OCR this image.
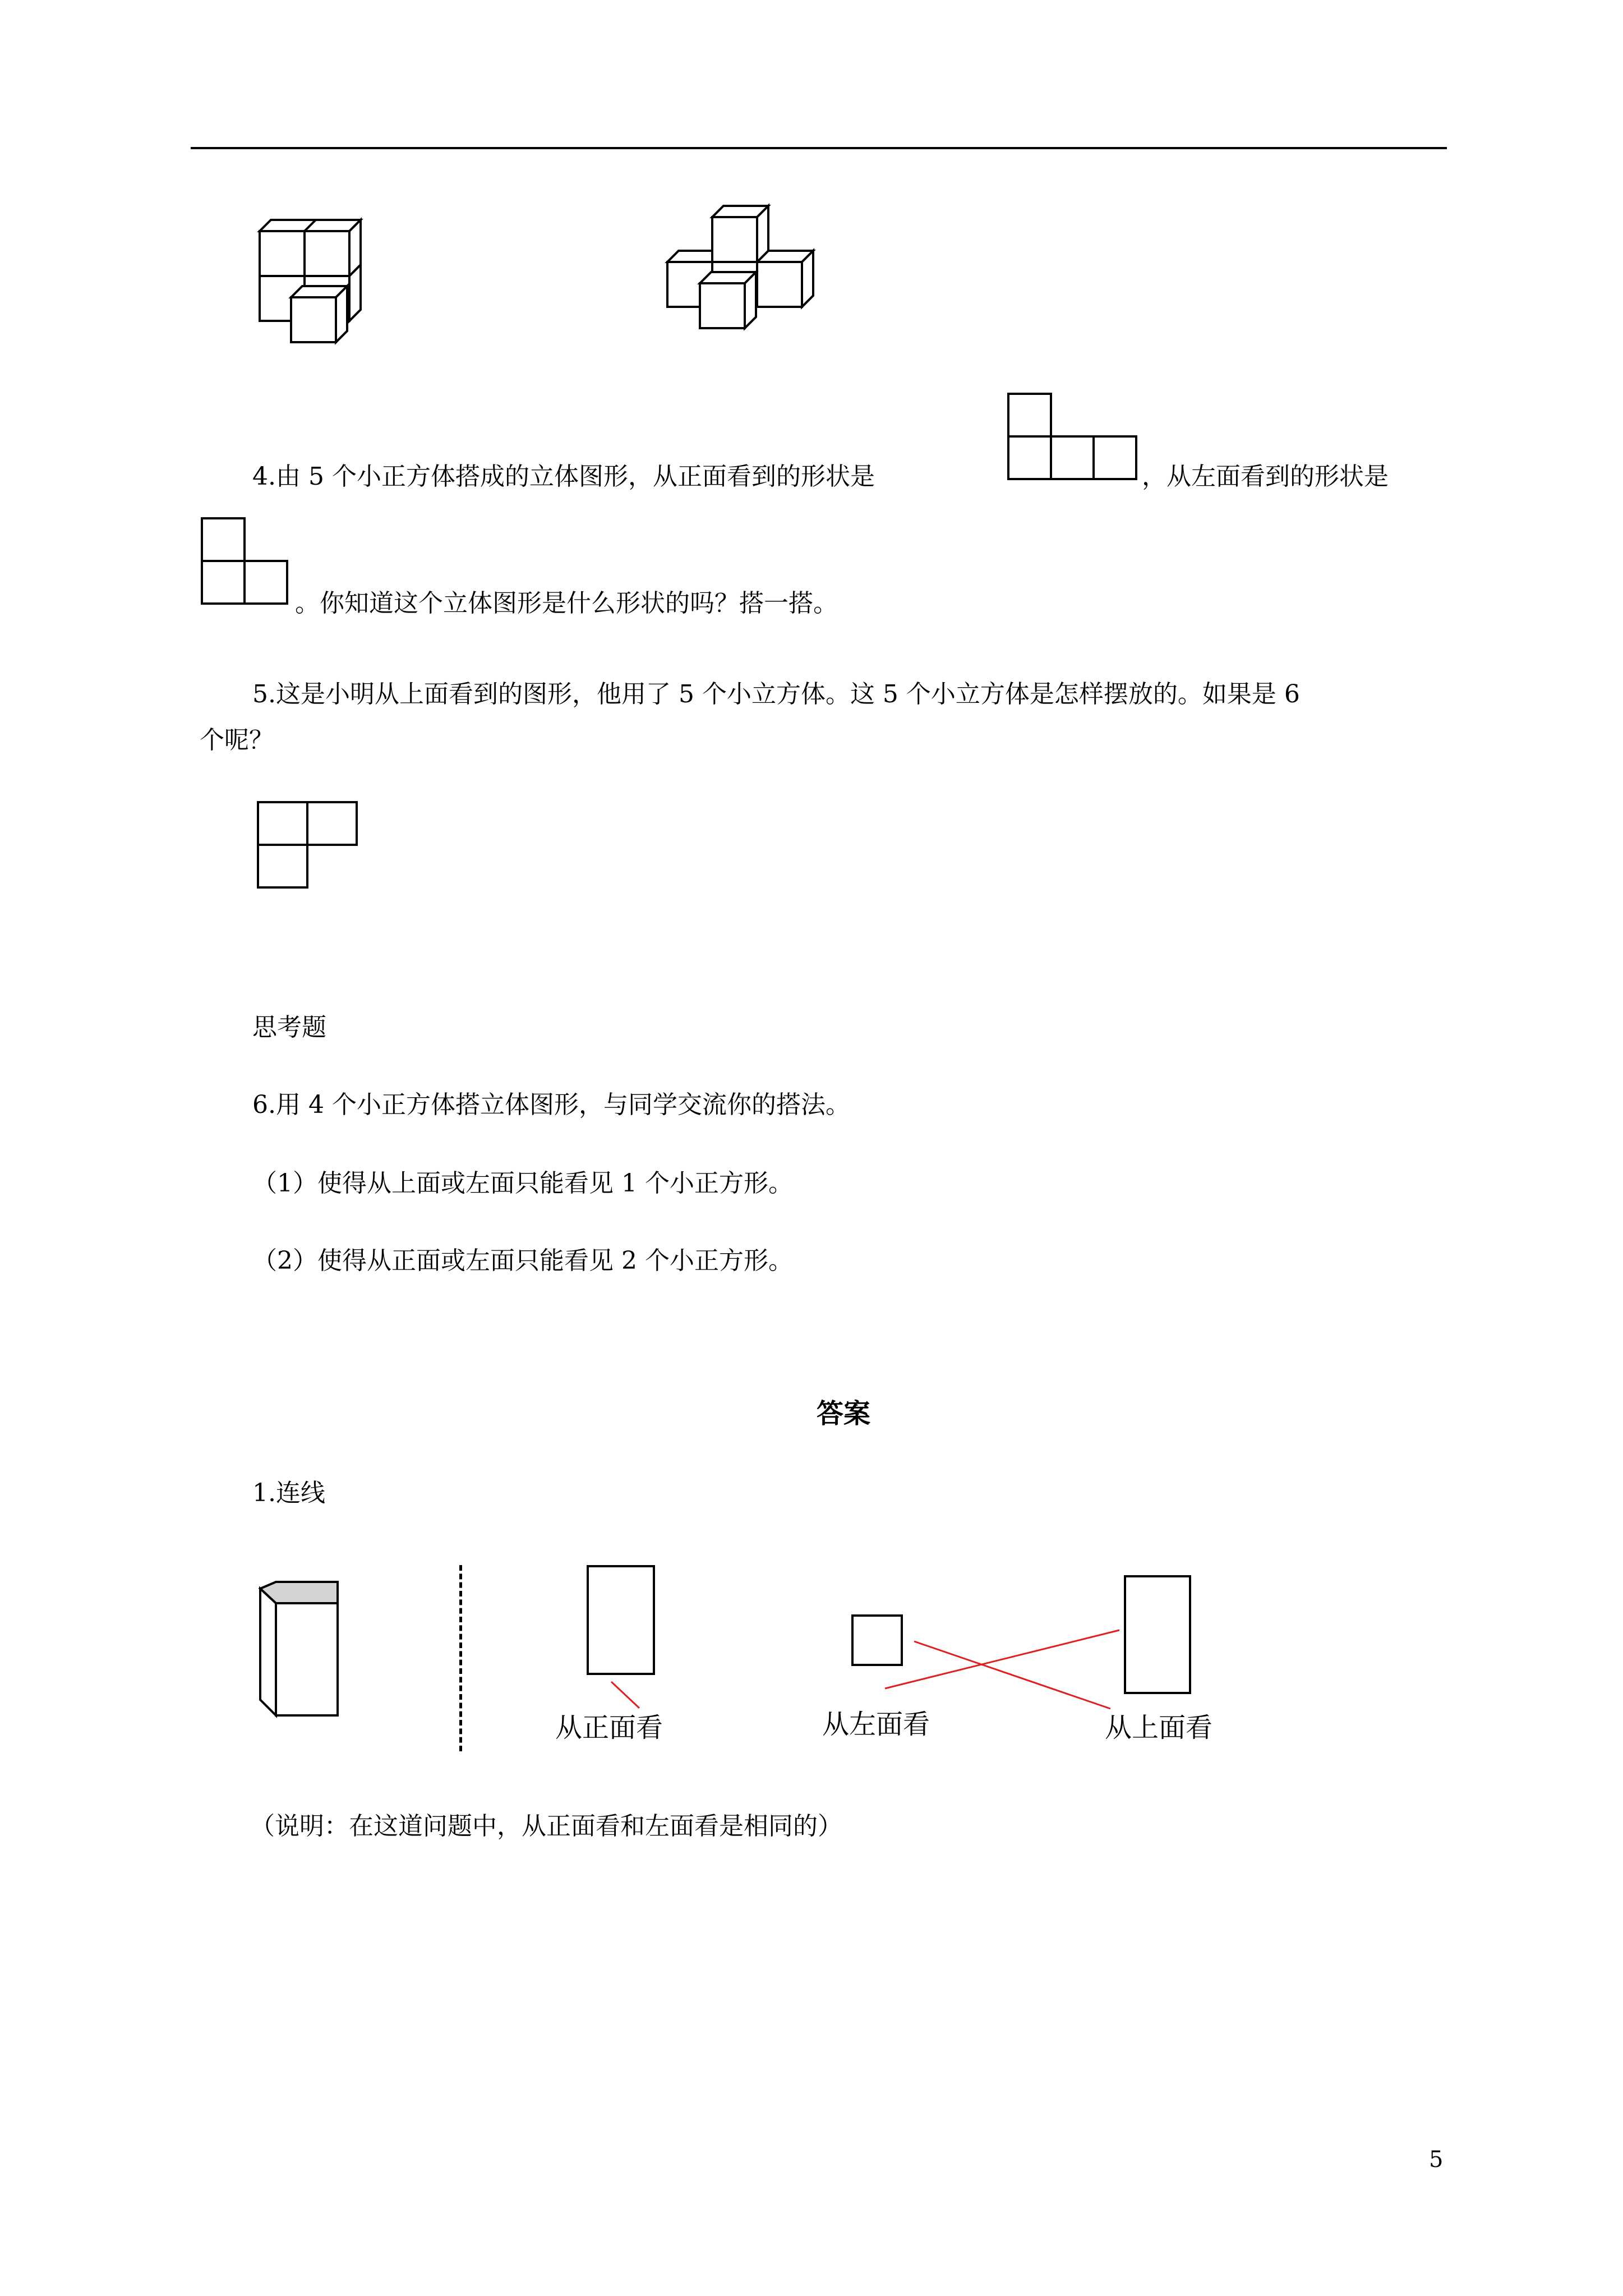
4.由 5 个小正方体搭成的立体图形，从正面看到的形状是	，从左面看到的形状是
。你知道这个立体图形是什么形状的吗？搭一搭。
5.这是小明从上面看到的图形，他用了 5 个小立方体。这 5 个小立方体是怎样摆放的。如果是 6
个呢？
思考题
6.用 4 个小正方体搭立体图形，与同学交流你的搭法。
（1）使得从上面或左面只能看见 1 个小正方形。
（2）使得从正面或左面只能看见 2 个小正方形。
答案
1.连线
从正面看	从左面看	从上面看
（说明：在这道问题中，从正面看和左面看是相同的）
5
